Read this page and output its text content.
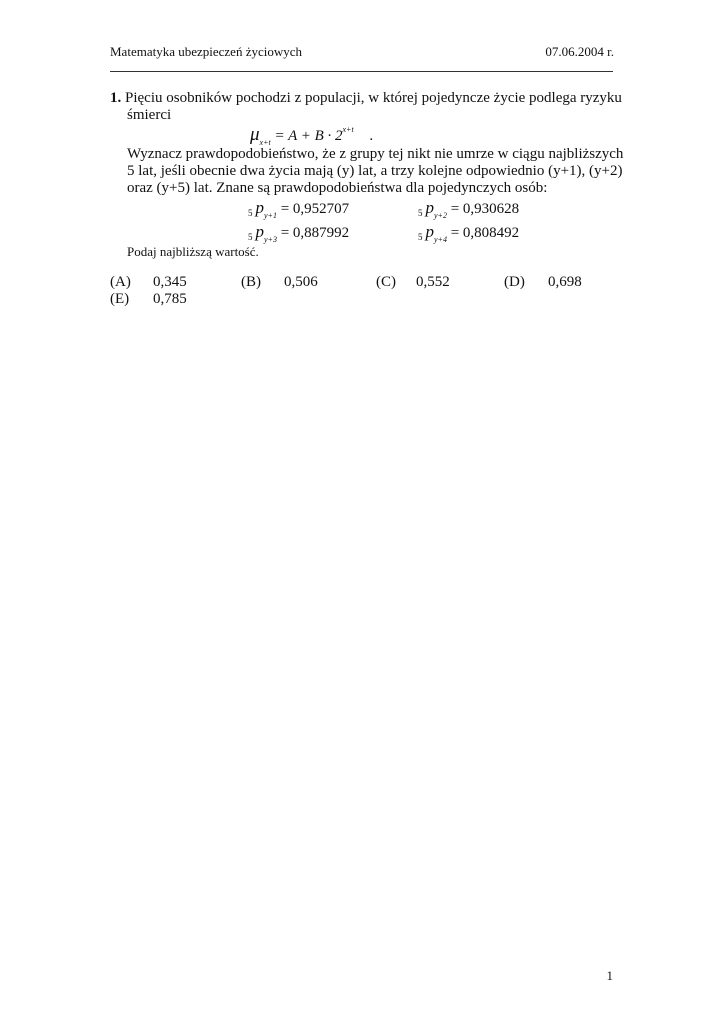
Matematyka ubezpieczeń życiowych	07.06.2004 r.
1. Pięciu osobników pochodzi z populacji, w której pojedyncze życie podlega ryzyku
śmierci
$\mu_{x+t} = A + B \cdot 2^{x+t}$ .
Wyznacz prawdopodobieństwo, że z grupy tej nikt nie umrze w ciągu najbliższych
5 lat, jeśli obecnie dwa życia mają (y) lat, a trzy kolejne odpowiednio (y+1), (y+2)
oraz (y+5) lat. Znane są prawdopodobieństwa dla pojedynczych osób:
$_5$ $p_{y+1} = 0,952707$	$_5$ $p_{y+2} = 0,930628$
$_5$ $p_{y+3} = 0,887992$	$_5$ $p_{y+4} = 0,808492$
Podaj najbliższą wartość.
(A) 0,345	(B) 0,506	(C) 0,552	(D) 0,698
(E) 0,785
1
